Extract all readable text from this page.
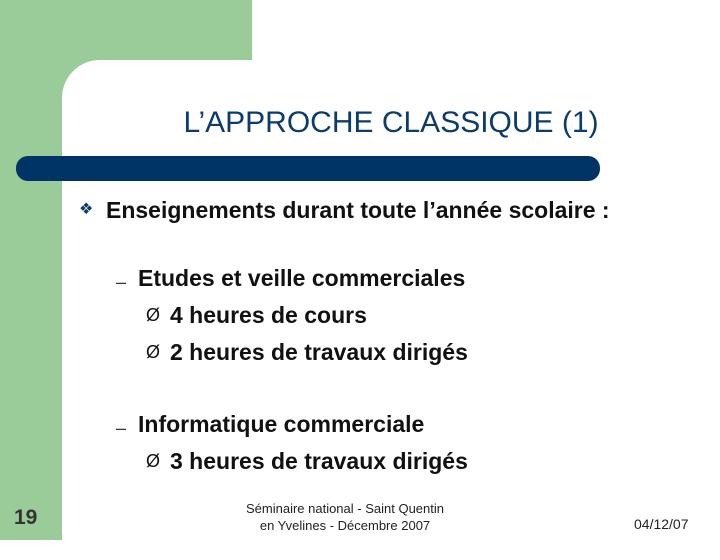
L’APPROCHE CLASSIQUE (1)
❖ Enseignements durant toute l’année scolaire :
– Etudes et veille commerciales
Ø 4 heures de cours
Ø 2 heures de travaux dirigés
– Informatique commerciale
Ø 3 heures de travaux dirigés
19	Séminaire national - Saint Quentin
en Yvelines - Décembre 2007	04/12/07
